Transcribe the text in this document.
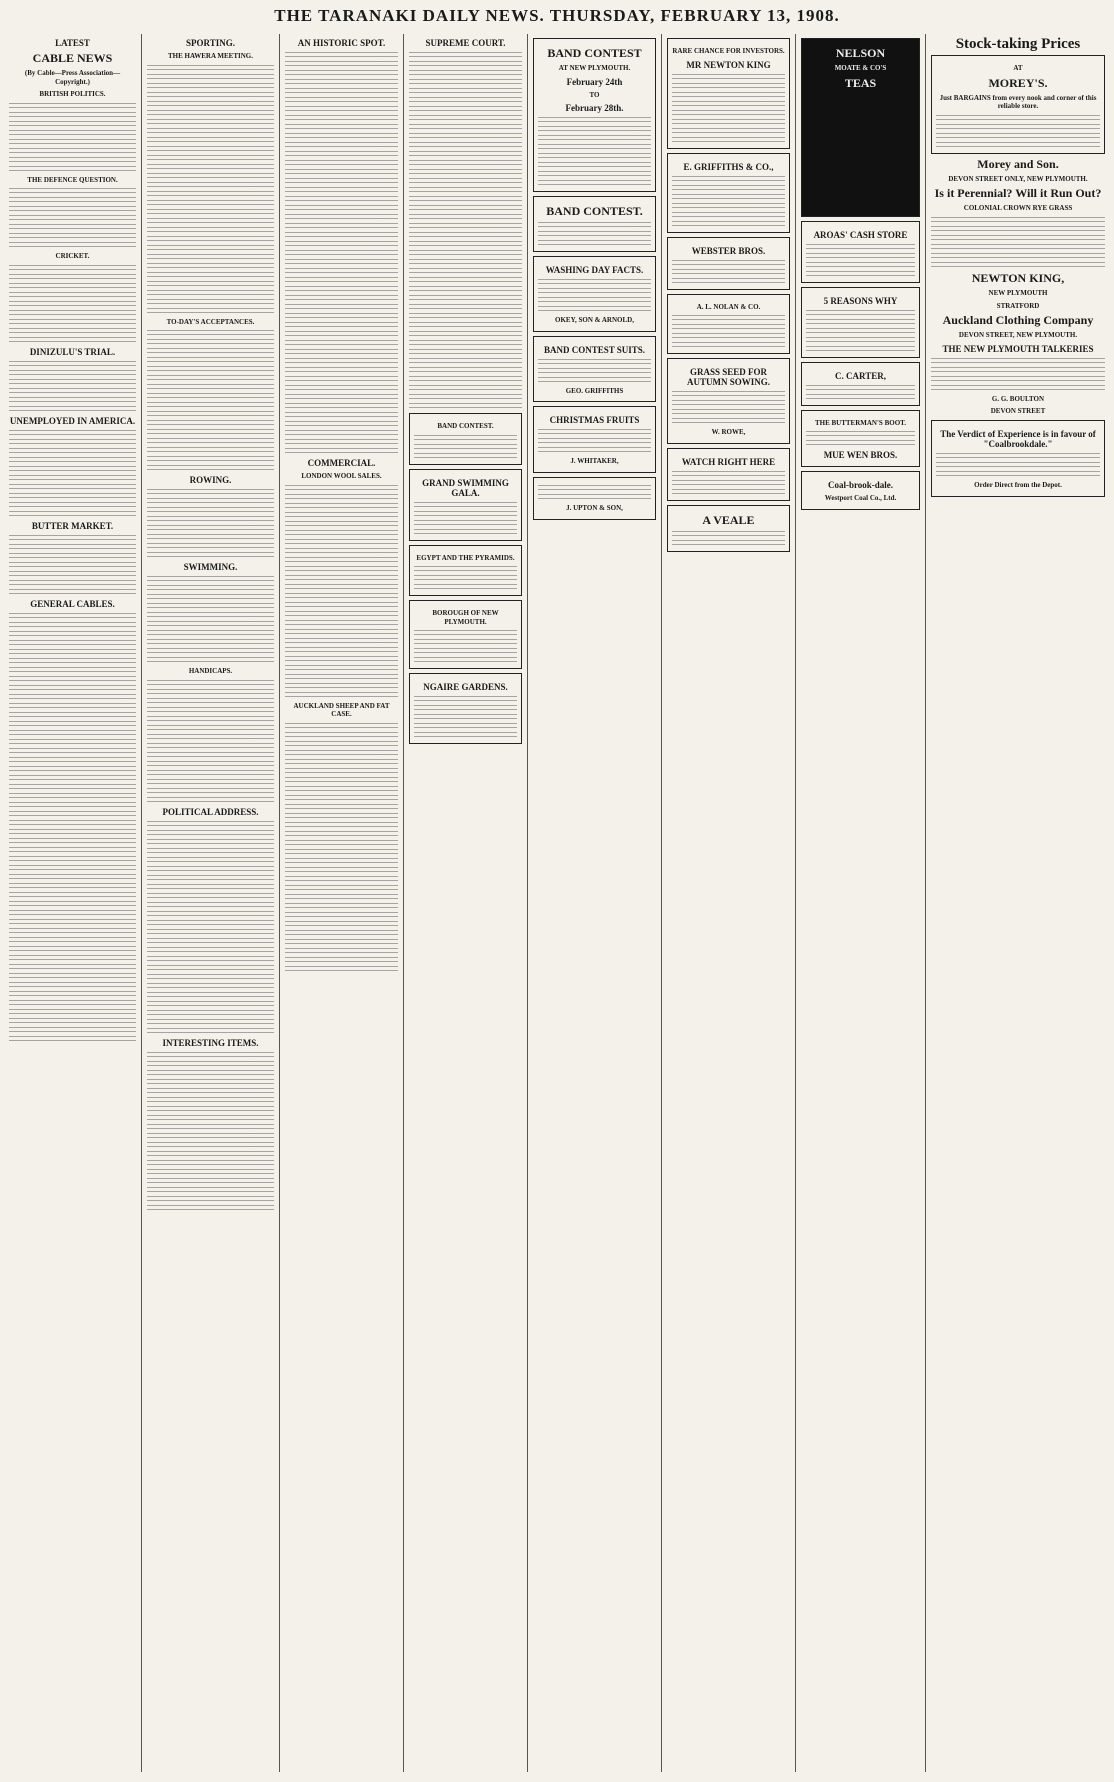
THE TARANAKI DAILY NEWS. THURSDAY, FEBRUARY 13, 1908.
LATEST
CABLE NEWS
(By Cable—Press Association—Copyright.)
BRITISH POLITICS.
THE DEFENCE QUESTION.
CRICKET.
DINIZULU'S TRIAL.
UNEMPLOYED IN AMERICA.
BUTTER MARKET.
GENERAL CABLES.
SPORTING.
THE HAWERA MEETING.
TO-DAY'S ACCEPTANCES.
ROWING.
SWIMMING.
HANDICAPS.
POLITICAL ADDRESS.
INTERESTING ITEMS.
AN HISTORIC SPOT.
COMMERCIAL.
LONDON WOOL SALES.
AUCKLAND SHEEP AND FAT CASE.
SUPREME COURT.
BAND CONTEST.
GRAND SWIMMING GALA.
EGYPT AND THE PYRAMIDS.
BOROUGH OF NEW PLYMOUTH.
NGAIRE GARDENS.
BAND CONTEST
AT NEW PLYMOUTH.
February 24th
TO
February 28th.
BAND CONTEST.
WASHING DAY FACTS.
OKEY, SON & ARNOLD,
BAND CONTEST SUITS.
GEO. GRIFFITHS
CHRISTMAS FRUITS
J. WHITAKER,
J. UPTON & SON,
RARE CHANCE FOR INVESTORS.
MR NEWTON KING
E. GRIFFITHS & CO.,
WEBSTER BROS.
A. L. NOLAN & CO.
GRASS SEED FOR AUTUMN SOWING.
W. ROWE,
WATCH RIGHT HERE
A VEALE
NELSON
MOATE & CO'S
TEAS
AROAS' CASH STORE
5 REASONS WHY
C. CARTER,
THE BUTTERMAN'S BOOT.
MUE WEN BROS.
Coal-brook-dale.
Westport Coal Co., Ltd.
Stock-taking Prices
AT
MOREY'S.
Just BARGAINS from every nook and corner of this reliable store.
Morey and Son.
DEVON STREET ONLY, NEW PLYMOUTH.
Is it Perennial? Will it Run Out?
COLONIAL CROWN RYE GRASS
NEWTON KING,
NEW PLYMOUTH
STRATFORD
Auckland Clothing Company
DEVON STREET, NEW PLYMOUTH.
THE NEW PLYMOUTH TALKERIES
G. G. BOULTON
DEVON STREET
The Verdict of Experience is in favour of "Coalbrookdale."
Order Direct from the Depot.
